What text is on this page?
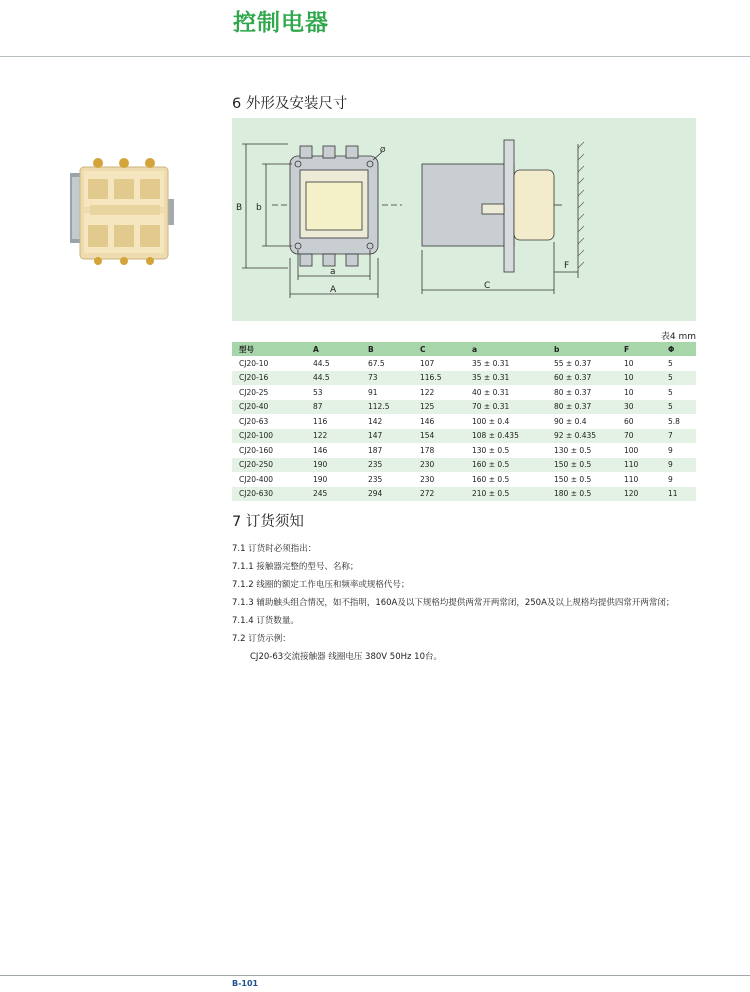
控制电器
6 外形及安装尺寸
B b
a
A	C
F
Ø
表4 mm
型号	A	B	C	a	b	F	Φ
CJ20-10	44.5	67.5	107	35 ± 0.31	55 ± 0.37	10	5
CJ20-16	44.5	73	116.5	35 ± 0.31	60 ± 0.37	10	5
CJ20-25	53	91	122	40 ± 0.31	80 ± 0.37	10	5
CJ20-40	87	112.5	125	70 ± 0.31	80 ± 0.37	30	5
CJ20-63	116	142	146	100 ± 0.4	90 ± 0.4	60	5.8
CJ20-100	122	147	154	108 ± 0.435	92 ± 0.435	70	7
CJ20-160	146	187	178	130 ± 0.5	130 ± 0.5	100	9
CJ20-250	190	235	230	160 ± 0.5	150 ± 0.5	110	9
CJ20-400	190	235	230	160 ± 0.5	150 ± 0.5	110	9
CJ20-630	245	294	272	210 ± 0.5	180 ± 0.5	120	11
7 订货须知
7.1 订货时必须指出：
7.1.1 接触器完整的型号、名称；
7.1.2 线圈的额定工作电压和频率或规格代号；
7.1.3 辅助触头组合情况，如不指明，160A及以下规格均提供两常开两常闭，250A及以上规格均提供四常开两常闭；
7.1.4 订货数量。
7.2 订货示例：
CJ20-63交流接触器 线圈电压 380V 50Hz 10台。
B-101
